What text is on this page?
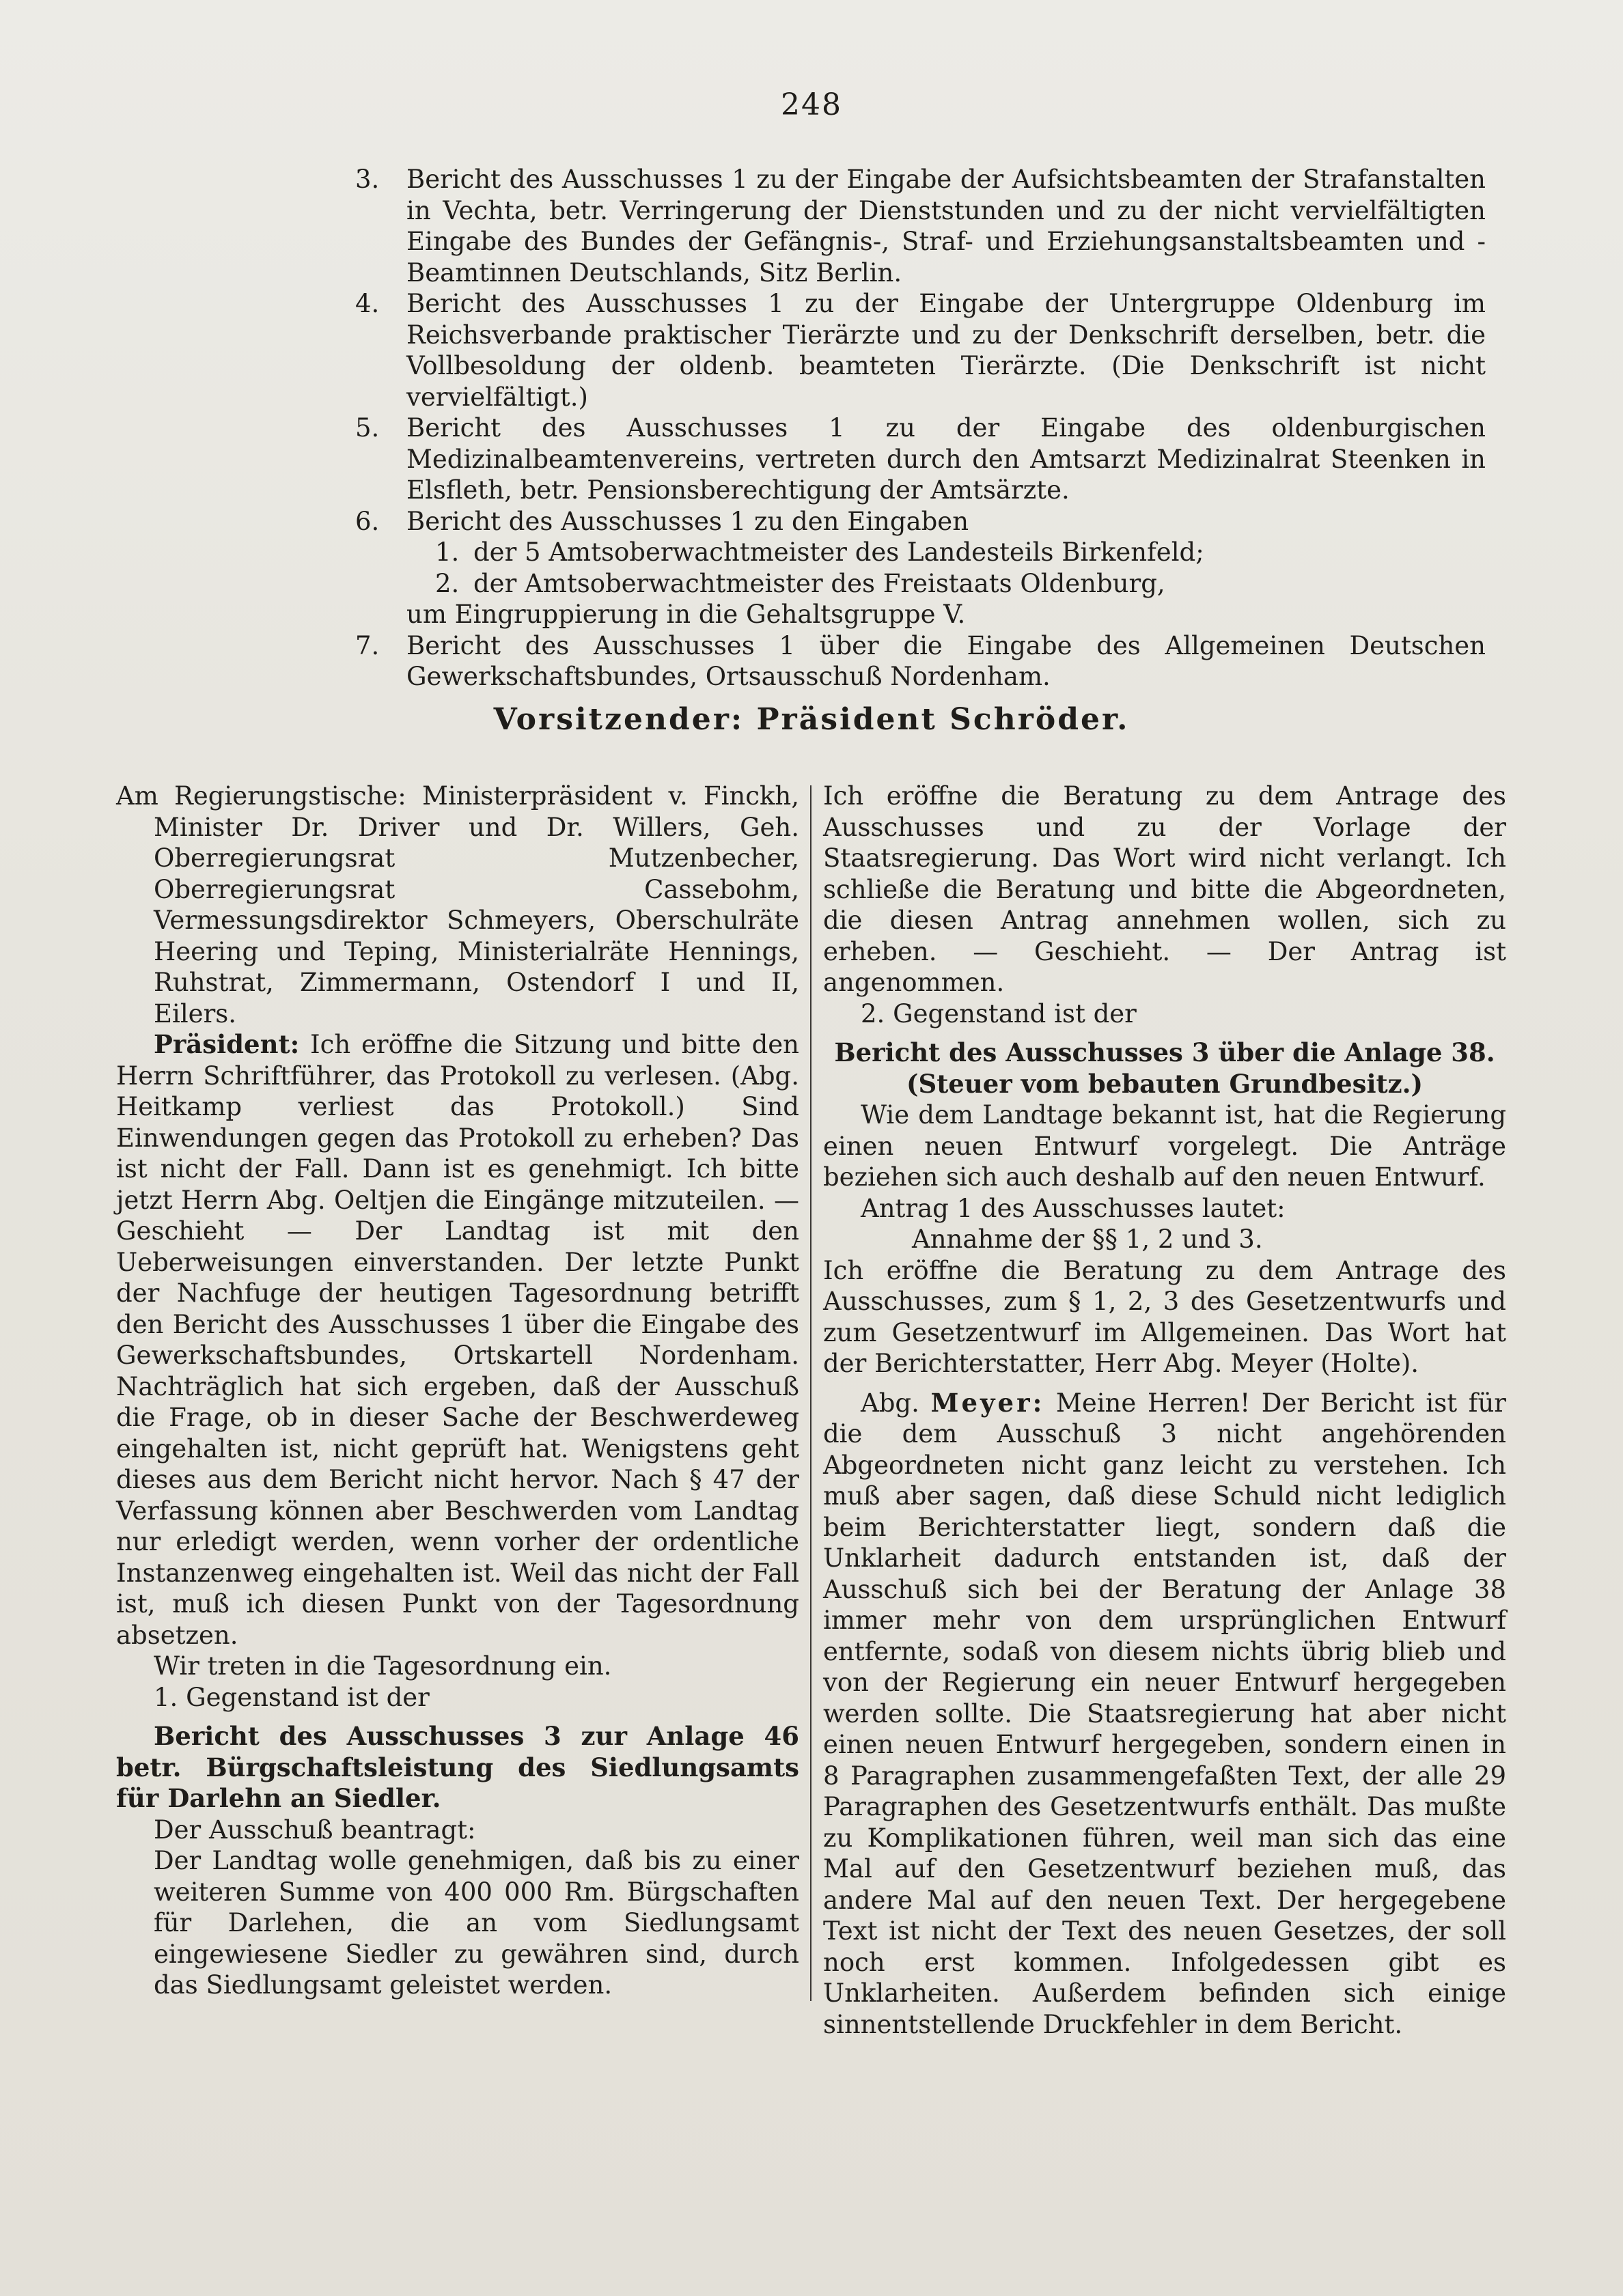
248
3. Bericht des Ausschusses 1 zu der Eingabe der Aufsichtsbeamten der Strafanstalten in Vechta, betr. Verringerung der Dienststunden und zu der nicht vervielfältigten Eingabe des Bundes der Gefängnis-, Straf- und Erziehungsanstaltsbeamten und -Beamtinnen Deutschlands, Sitz Berlin.
4. Bericht des Ausschusses 1 zu der Eingabe der Untergruppe Oldenburg im Reichsverbande praktischer Tierärzte und zu der Denkschrift derselben, betr. die Vollbesoldung der oldenb. beamteten Tierärzte. (Die Denkschrift ist nicht vervielfältigt.)
5. Bericht des Ausschusses 1 zu der Eingabe des oldenburgischen Medizinalbeamtenvereins, vertreten durch den Amtsarzt Medizinalrat Steenken in Elsfleth, betr. Pensionsberechtigung der Amtsärzte.
6. Bericht des Ausschusses 1 zu den Eingaben
1. der 5 Amtsoberwachtmeister des Landesteils Birkenfeld;
2. der Amtsoberwachtmeister des Freistaats Oldenburg,
um Eingruppierung in die Gehaltsgruppe V.
7. Bericht des Ausschusses 1 über die Eingabe des Allgemeinen Deutschen Gewerkschaftsbundes, Ortsausschuß Nordenham.
Vorsitzender: Präsident Schröder.

Am Regierungstische: Ministerpräsident v. Finckh, Minister Dr. Driver und Dr. Willers, Geh. Oberregierungsrat Mutzenbecher, Oberregierungsrat Cassebohm, Vermessungsdirektor Schmeyers, Oberschulräte Heering und Teping, Ministerialräte Hennings, Ruhstrat, Zimmermann, Ostendorf I und II, Eilers.

Präsident: Ich eröffne die Sitzung und bitte den Herrn Schriftführer, das Protokoll zu verlesen. (Abg. Heitkamp verliest das Protokoll.) Sind Einwendungen gegen das Protokoll zu erheben? Das ist nicht der Fall. Dann ist es genehmigt. Ich bitte jetzt Herrn Abg. Oeltjen die Eingänge mitzuteilen. — Geschieht — Der Landtag ist mit den Ueberweisungen einverstanden. Der letzte Punkt der Nachfuge der heutigen Tagesordnung betrifft den Bericht des Ausschusses 1 über die Eingabe des Gewerkschaftsbundes, Ortskartell Nordenham. Nachträglich hat sich ergeben, daß der Ausschuß die Frage, ob in dieser Sache der Beschwerdeweg eingehalten ist, nicht geprüft hat. Wenigstens geht dieses aus dem Bericht nicht hervor. Nach § 47 der Verfassung können aber Beschwerden vom Landtag nur erledigt werden, wenn vorher der ordentliche Instanzenweg eingehalten ist. Weil das nicht der Fall ist, muß ich diesen Punkt von der Tagesordnung absetzen.

Wir treten in die Tagesordnung ein.

1. Gegenstand ist der

Bericht des Ausschusses 3 zur Anlage 46 betr. Bürgschaftsleistung des Siedlungsamts für Darlehn an Siedler.

Der Ausschuß beantragt:

Der Landtag wolle genehmigen, daß bis zu einer weiteren Summe von 400 000 Rm. Bürgschaften für Darlehen, die an vom Siedlungsamt eingewiesene Siedler zu gewähren sind, durch das Siedlungsamt geleistet werden.

Ich eröffne die Beratung zu dem Antrage des Ausschusses und zu der Vorlage der Staatsregierung. Das Wort wird nicht verlangt. Ich schließe die Beratung und bitte die Abgeordneten, die diesen Antrag annehmen wollen, sich zu erheben. — Geschieht. — Der Antrag ist angenommen.

2. Gegenstand ist der

Bericht des Ausschusses 3 über die Anlage 38. (Steuer vom bebauten Grundbesitz.)

Wie dem Landtage bekannt ist, hat die Regierung einen neuen Entwurf vorgelegt. Die Anträge beziehen sich auch deshalb auf den neuen Entwurf.

Antrag 1 des Ausschusses lautet:

Annahme der §§ 1, 2 und 3.

Ich eröffne die Beratung zu dem Antrage des Ausschusses, zum § 1, 2, 3 des Gesetzentwurfs und zum Gesetzentwurf im Allgemeinen. Das Wort hat der Berichterstatter, Herr Abg. Meyer (Holte).

Abg. Meyer: Meine Herren! Der Bericht ist für die dem Ausschuß 3 nicht angehörenden Abgeordneten nicht ganz leicht zu verstehen. Ich muß aber sagen, daß diese Schuld nicht lediglich beim Berichterstatter liegt, sondern daß die Unklarheit dadurch entstanden ist, daß der Ausschuß sich bei der Beratung der Anlage 38 immer mehr von dem ursprünglichen Entwurf entfernte, sodaß von diesem nichts übrig blieb und von der Regierung ein neuer Entwurf hergegeben werden sollte. Die Staatsregierung hat aber nicht einen neuen Entwurf hergegeben, sondern einen in 8 Paragraphen zusammengefaßten Text, der alle 29 Paragraphen des Gesetzentwurfs enthält. Das mußte zu Komplikationen führen, weil man sich das eine Mal auf den Gesetzentwurf beziehen muß, das andere Mal auf den neuen Text. Der hergegebene Text ist nicht der Text des neuen Gesetzes, der soll noch erst kommen. Infolgedessen gibt es Unklarheiten. Außerdem befinden sich einige sinnentstellende Druckfehler in dem Bericht.
